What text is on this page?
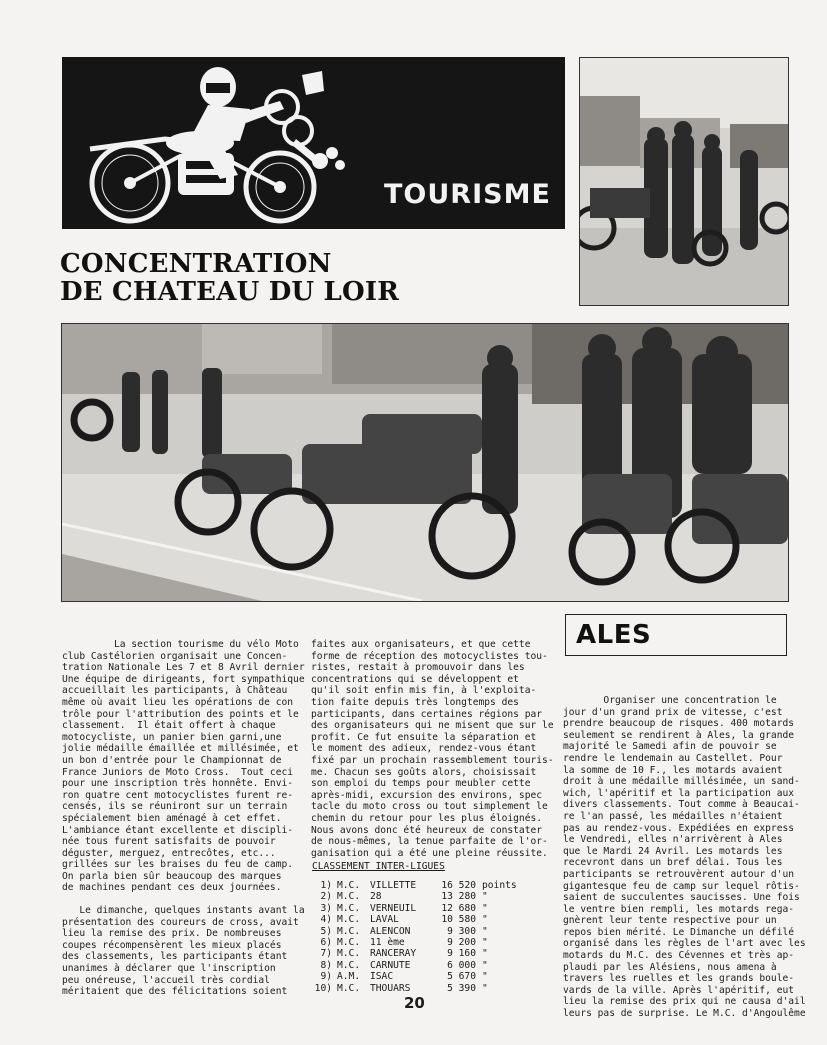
TOURISME
CONCENTRATION
DE CHATEAU DU LOIR
La section tourisme du vélo Moto
club Castélorien organisait une Concen-
tration Nationale Les 7 et 8 Avril dernier
Une équipe de dirigeants, fort sympathique
accueillait les participants, à Château
même où avait lieu les opérations de con
trôle pour l'attribution des points et le
classement.  Il était offert à chaque
motocycliste, un panier bien garni,une
jolie médaille émaillée et millésimée, et
un bon d'entrée pour le Championnat de
France Juniors de Moto Cross.  Tout ceci
pour une inscription très honnête. Envi-
ron quatre cent motocyclistes furent re-
censés, ils se réuniront sur un terrain
spécialement bien aménagé à cet effet.
L'ambiance étant excellente et discipli-
née tous furent satisfaits de pouvoir
déguster, merguez, entrecôtes, etc...
grillées sur les braises du feu de camp.
On parla bien sûr beaucoup des marques
de machines pendant ces deux journées.
Le dimanche, quelques instants avant la
présentation des coureurs de cross, avait
lieu la remise des prix. De nombreuses
coupes récompensèrent les mieux placés
des classements, les participants étant
unanimes à déclarer que l'inscription
peu onéreuse, l'accueil très cordial
méritaient que des félicitations soient
faites aux organisateurs, et que cette
forme de réception des motocyclistes tou-
ristes, restait à promouvoir dans les
concentrations qui se développent et
qu'il soit enfin mis fin, à l'exploita-
tion faite depuis très longtemps des
participants, dans certaines régions par
des organisateurs qui ne misent que sur le
profit. Ce fut ensuite la séparation et
le moment des adieux, rendez-vous étant
fixé par un prochain rassemblement touris-
me. Chacun ses goûts alors, choisissait
son emploi du temps pour meubler cette
après-midi, excursion des environs, spec
tacle du moto cross ou tout simplement le
chemin du retour pour les plus éloignés.
Nous avons donc été heureux de constater
de nous-mêmes, la tenue parfaite de l'or-
ganisation qui a été une pleine réussite.
CLASSEMENT INTER-LIGUES

1) M.C. VILLETTE	16 520 points

2) M.C. 28	13 280 "

3) M.C. VERNEUIL	12 680 "

4) M.C. LAVAL	10 580 "

5) M.C. ALENCON	9 300 "

6) M.C. 11 ème	9 200 "

7) M.C. RANCERAY	9 160 "

8) M.C. CARNUTE	6 000 "

9) A.M. ISAC	5 670 "

10) M.C. THOUARS	5 390 "

ALES
Organiser une concentration le
jour d'un grand prix de vitesse, c'est
prendre beaucoup de risques. 400 motards
seulement se rendirent à Ales, la grande
majorité le Samedi afin de pouvoir se
rendre le lendemain au Castellet. Pour
la somme de 10 F., les motards avaient
droit à une médaille millésimée, un sand-
wich, l'apéritif et la participation aux
divers classements. Tout comme à Beaucai-
re l'an passé, les médailles n'étaient
pas au rendez-vous. Expédiées en express
le Vendredi, elles n'arrivèrent à Ales
que le Mardi 24 Avril. Les motards les
recevront dans un bref délai. Tous les
participants se retrouvèrent autour d'un
gigantesque feu de camp sur lequel rôtis-
saient de succulentes saucisses. Une fois
le ventre bien rempli, les motards rega-
gnèrent leur tente respective pour un
repos bien mérité. Le Dimanche un défilé
organisé dans les règles de l'art avec les
motards du M.C. des Cévennes et très ap-
plaudi par les Alésiens, nous amena à
travers les ruelles et les grands boule-
vards de la ville. Après l'apéritif, eut
lieu la remise des prix qui ne causa d'ail
leurs pas de surprise. Le M.C. d'Angoulême
20
